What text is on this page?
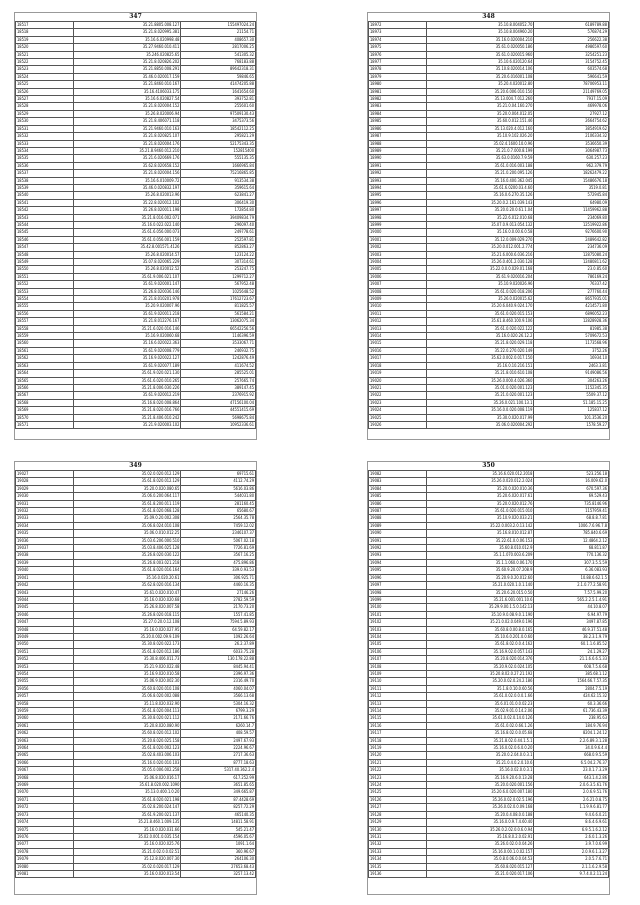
347
18517	35.21.8805.008.127	155497024.24
18518	35.21.8.020995.381	21154.71
18519	35.16.6.020998.48	408657.30
18520	35.27.9460.010.411	2817006.25
18521	35.246.020825.65	541305.32
18522	35.21.8.020826.202	768183.88
18523	35.21.8850.008.291	89642318.31
18524	35.46.0.020017.159	59846.65
18525	35.21.8460.010.167	41474205.88
18526	35.16.4106033.175	1641654.60
18527	35.16.6.020827.54	393752.81
18528	35.21.8.020004.152	255601.60
18529	35.26.8.020006.94	97509130.43
18530	35.21.8.406071.118	3475373.56
18531	35.21.9460.010.163	18542112.25
18532	35.21.8.020825.107	295821.29
18533	35.21.8.020004.176	52175343.35
18534	35.21.8.9460.012.210	152815400
18535	35.21.6.020669.176	555135.35
18536	35.62.8.020658.152	1666965.84
18537	35.21.8.020004.156	75216865.85
18538	35.16.6.010009.72	913534.38
18539	35.46.0.020832.197	359615.64
18540	35.26.8.020013.96	623841.27
18541	35.22.8.020012.102	306419.30
18542	35.26.8.020011.198	172854.80
18543	35.21.8.016.002.071	39409834.79
18544	35.16.0.022.022.140	296097.40
18545	35.61.6.056.000.073	249778.61
18546	35.61.0.056.001.159	252597.81
18547	35.42.8.001571.4126	852863.27
18548	35.26.8.020014.57	123124.22
18549	35.07.8.020065.229	307314.61
18550	35.26.8.020012.52	253247.75
18551	35.61.9.006.021.107	1299712.27
18552	35.61.9.020001.147	567952.48
18553	35.26.8.020036.146	1025648.52
18554	35.21.8.010201.978	17612723.67
18555	35.20.9.020007.96	811825.57
18556	35.61.9.020011.218	561584.21
18557	35.21.8.012276.167	13062075.34
18558	35.21.6.020.016.146	66542256.56
18559	35.16.9.020060.68	1146396.59
18560	35.16.6.020022.363	3533067.71
18561	35.61.9.020008.779	246932.75
18562	35.16.9.020022.127	1242876.49
18563	35.61.9.020077.189	411674.52
18564	35.61.9.020.021.130	285525.01
18565	35.61.6.020.010.265	257665.74
18566	35.21.8.006.030.226	389147.45
18567	35.61.9.020012.219	2376915.92
18568	35.16.8.020.008.864	47156100.04
18569	35.21.8.020.016.766	44551415.69
18570	35.21.8.406.010.242	5698675.84
18571	35.21.9.020003.102	10952336.61
348
18972	35.10.8.004052.70	6189789.88
18973	35.10.8.004960.20	576874.29
18974	35.16.0.020004.210	256622.38
18975	35.61.0.020050.186	4986597.60
18976	35.61.0.020015.960	3254251.23
18977	35.10.6.020120.64	3154752.45
18978	35.10.8.020014.106	603574.68
18979	35.20.6.016001.108	596641.59
18980	35.20.4.020012.80	78706953.11
18981	35.20.6.006.010.150	21149769.05
18982	35.13.004.7.012.260	7937.15.09
18983	35.21.0.04.160.270	469978.06
18984	35.20.0.004.012.05	27927.12
18985	35.60.0.012.151.46	2664754.62
18986	35.13.020.4.012.160	3854919.62
18987	35.10.9.102.026.20	2106334.32
18988	35.02.4.1600.10.0.96	3536650.39
18989	35.21.0.7.000.8.199	3064987.73
18990	35.63.0.0160.7.9.59	630.257.23
18991	35.61.0.016.003.188	962.379.79
18992	35.21.0.200.095.126	18262479.22
18993	35.16.0.400.362.045	15486676.18
18994	35.61.6.0200.03.4.60	3519.0.81
18995	35.16.0.6.270.35.126	572945.84
18996	35.20.0.2.161.039.143	64980.09
18997	35.20.0.20.0.61.1.04	11459962.88
18998	35.22.6.012.010.68	234069.80
18999	35.07.0.9.013.054.132	12519922.86
19000	35.16.0.0.00.6.0.58	9276600.90
19001	35.12.0.009.029.270	2489642.82
19002	35.20.0.012.001.2.774	234736.09
19003	35.21.6.000.6.036.216	12875080.24
19004	35.26.0.401.2.030.128	12480811.62
19005	35.22.0.0.0.029.01.168	23.0.85.60
19006	35.61.9.020016.204	786169.24
19007	35.10.9.020026.96	76337.42
19008	35.61.0.020.018.206	277760.44
19009	35.26.0.020015.62	8657935.01
19010	35.20.6.040.9.024.170	4214571.80
19011	35.61.0.020.015.153	6896052.23
19012	35.61.8.460.100.9.106	12828928.36
19013	35.61.0.020.022.122	81985.38
19014	35.16.0.020.26.12.2	5709672.53
19015	35.21.8.020.029.118	1173568.96
19016	35.22.0.270.020.149	3752.26
19017	35.62.0.002.0.017.150	16934.10
19018	35.16.0.10.216.151	2463.3.81
19019	35.21.8.010.610.108	9149086.56
19020	35.26.0.000.4.026.360	304263.26
19021	35.01.0.020.001.123	1152345.35
19022	35.21.0.020.001.123	5509.37.12
19023	35.26.0.021.100.13.1	51.185.15.25
19024	35.16.0.0.020.008.119	125837.12
19025	35.30.0.020.017.99	101.3536.20
19026	35.06.0.020004.292	1578.59.27
349
19027	35.02.0.020.012.129	69715.61
19028	35.61.8.020.012.129	4112.74.29
19029	35.20.0.020.080.65	5616.03.86
19030	35.06.0.200.064.117	544031.80
19031	35.61.8.200.011.119	281160.45
19032	35.61.8.020.068.128	65680.67
19033	35.09.0.20.002.308	2564.35.78
19034	35.06.8.024.010.108	7459.12.02
19035	35.06.0.010.012.25	2346107.37
19036	35.03.6.206.000.510	5067.02.18
19037	35.03.8.406.025.128	7726.81.69
19038	35.26.8.020.030.122	3567.16.25
19039	35.26.8.003.021.218	475.896.86
19040	35.61.8.020.016.164	339.0.93.53
19041	35.16.0.020.20.61	306.925.71
19042	35.62.8.020.016.134	4460.16.35
19043	35.61.0.020.010.47	27146.26
19044	35.16.0.020.020.68	2782.59.59
19045	35.26.8.020.007.58	2170.73.20
19046	35.26.8.020.018.115	1557.41.85
19047	35.27.0.20.0.12.108	7594.5.89.93
19048	35.16.0.020.027.95	64.59.82.17
19049	35.20.0.002.09.9.109	1092.26.64
19050	35.30.8.020.022.173	26.2.37.89
19051	35.61.8.020.012.186	6033.75.28
19052	35.30.8.406.011.73	130.178.22.88
19053	35.21.9.020.022.48	8445.94.41
19054	35.16.9.020.010.58	2396.97.36
19055	35.06.9.020.002.30	2316.49.70
19056	35.60.8.020.010.108	4060.04.07
19057	35.06.8.020.002.088	3566.13.68
19058	35.11.8.020.032.90	5304.16.32
19059	35.61.8.020.004.113	6799.3.29
19060	35.30.8.020.021.112	2171.66.76
19061	35.20.8.020.080.90	6260.14.7
19062	35.60.8.020.012.102	408.59.57
19063	35.20.8.020.025.158	2497.67.93
19064	35.61.8.020.002.123	2224.96.67
19065	35.02.8.403.006.103	2717.36.63
19066	35.16.0.020.010.103	8777.18.63
19067	35.05.0.006.002.258	5317.40.362.2.4
19068	35.06.8.020.016.17	617.252.99
19069	35.61.8.020.002.1090	3651.85.65
19070	35.13.0.400.1.0.20	349.665.87
19071	35.61.8.020.021.198	87.4428.69
19072	35.02.8.200.024.147	8257.72.29
19073	35.61.9.200.021.137	465140.35
19074	35.21.8.460.1.009.135	14811.58.91
19075	35.16.0.020.031.66	545.21.47
19076	35.02.0.001.0.035.154	4596.05.67
19077	35.16.0.020.025.76	1091.1.64
19078	35.21.0.02.0.0.02.51	360.96.67
19079	35.12.8.020.007.30	264106.30
19080	35.02.0.020.017.129	27653.68.43
19081	35.16.0.020.013.54	3257.13.42
350
19082	35.16.6.020.012.2018	523.256.18
19083	35.26.0.020.012.2.024	16.009.62.0
19084	35.20.0.020.010.36	670.597.36
19085	35.20.6.020.017.61	69.529.43
19086	35.20.0.020.012.76	735.8146.96
19087	35.61.0.020.015.010	1157959.41
19088	35.10.9.020.033.21	68.8.8.7.81
19089	35.22.0.003.2.0.13.142	1006.7.6.96.7.8
19090	35.16.8.010.012.87	785.840.6.69
19091	35.22.61.0.0.06.153	12.4864.2.12
19092	35.60.8.010.012.9	68.811.87
19093	35.1.1.070.003.6.209	770.136.32
19094	35.1.1.060.0.06.170	307.3.5.5.59
19095	35.60.9.20.07.208.9	6.36.083.93
19096	35.20.9.0.20.012.60	10.88.6.62.1.5
19097	35.21.0.020.1.0.1.140	2.1.0.77.2.58.91
19098	35.20.6.20.015.0.50	7.57.5.99.20
19099	35.21.6.001.001.10.6	565.2.2.5.1.4.91
19100	35.29.9.00.1.5.0.142.13	44.10.8.07
19101	35.10.9.0.08.9.0.1.190	6.94.97.79
19102	35.21.0.02.0.049.0.196	3497.87.85
19103	35.60.8.0.00.8.0.165	46.9.37.51.48
19104	35.10.6.0.201.0.0.60	38.2.3.1.9.79
19105	35.61.8.02.0.0.4.162	60.1.1.6.85.52
19106	35.16.9.02.0.057.143	24.1.29.27
19107	35.20.8.020.014.376	21.1.6.6.6.5.33
19108	35.20.9.02.0.024.105	608.7.5.6.68
19109	35.20.8.02.0.27.21.192	385.68.1.12
19110	35.20.0.02.0.24.2.186	1564.66.7.57.35
19111	35.1.8.0.10.0.60.56	2804.7.5.19
19112	35.61.0.02.0.0.0.1.66	424.62.15.32
19113	35.6.01.01.0.0.02.23	60.3.36.66
19114	35.02.9.01.0.14.2.06	61.736.43.39
19115	35.61.0.02.0.14.0.126	238.95.63
19116	35.61.0.02.0.66.1.26	184.9.76.94
19117	35.16.8.02.0.0.05.68	8204.1.24.12
19118	35.21.8.02.0.44.1.5.1	2.2.6.89.3.1.28
19119	35.16.0.02.0.6.0.0.20	34.0.9.6.4.4
19120	35.20.0.2.04.0.0.3.1	668.0.9.5.59
19121	35.21.0.4.0.2.0.10.6	6.5.04.2.76.37
19122	35.16.0.02.0.0.3.1	23.0.1.7.3.29
19123	35.16.9.20.6.0.13.28	643.1.4.2.86
19124	35.20.0.020.001.156	2.0.6.3.5.61.76
19125	35.20.6.0.020.007.180	2.0.6.9.51.76
19126	35.26.0.02.0.02.5.196	2.6.21.0.8.75
19127	35.26.0.02.0.0.09.168	1.1.9.9.6.81.77
19128	35.20.0.4.08.0.0.188	9.4.6.6.0.21
19129	35.16.0.0.9.7.4.60.40	8.6.4.6.9.61
19130	35.26.0.2.02.0.0.6.0.94	6.9.5.1.6.2.12
19131	35.16.8.0.2.0.02.91	2.6.0.1.3.26
19132	35.26.0.02.0.0.04.26	3.9.7.0.6.99
19133	35.16.0.00.1.0.02.157	2.0.9.6.1.3.27
19134	35.0.8.0.06.0.0.04.53	2.0.5.7.6.71
19135	35.60.8.020.015.127	2.1.1.6.2.9.58
19136	35.21.0.020.017.106	9.7.4.0.2.11.24
